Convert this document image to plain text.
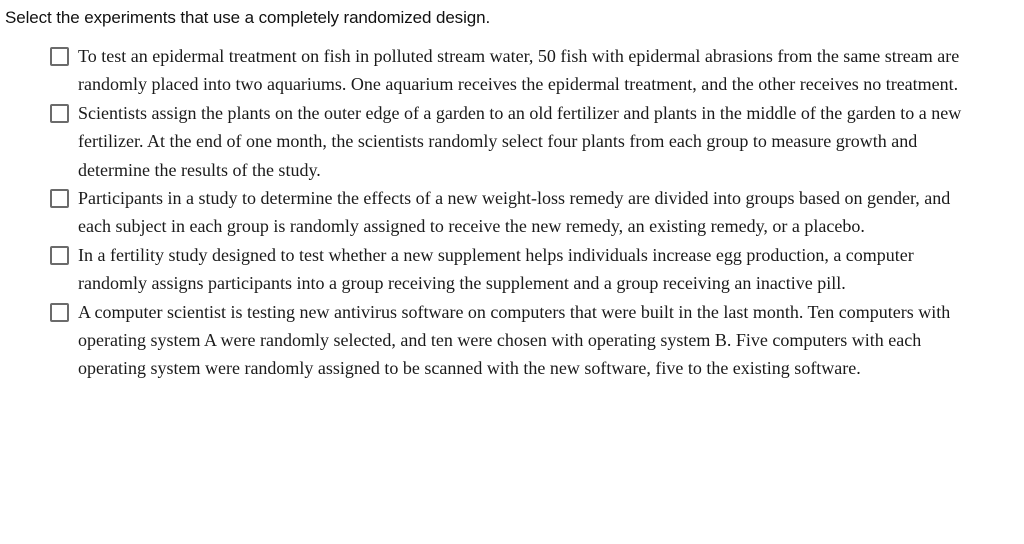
Select the experiments that use a completely randomized design.
To test an epidermal treatment on fish in polluted stream water, 50 fish with epidermal abrasions from the same stream are randomly placed into two aquariums. One aquarium receives the epidermal treatment, and the other receives no treatment.
Scientists assign the plants on the outer edge of a garden to an old fertilizer and plants in the middle of the garden to a new fertilizer. At the end of one month, the scientists randomly select four plants from each group to measure growth and determine the results of the study.
Participants in a study to determine the effects of a new weight-loss remedy are divided into groups based on gender, and each subject in each group is randomly assigned to receive the new remedy, an existing remedy, or a placebo.
In a fertility study designed to test whether a new supplement helps individuals increase egg production, a computer randomly assigns participants into a group receiving the supplement and a group receiving an inactive pill.
A computer scientist is testing new antivirus software on computers that were built in the last month. Ten computers with operating system A were randomly selected, and ten were chosen with operating system B. Five computers with each operating system were randomly assigned to be scanned with the new software, five to the existing software.
